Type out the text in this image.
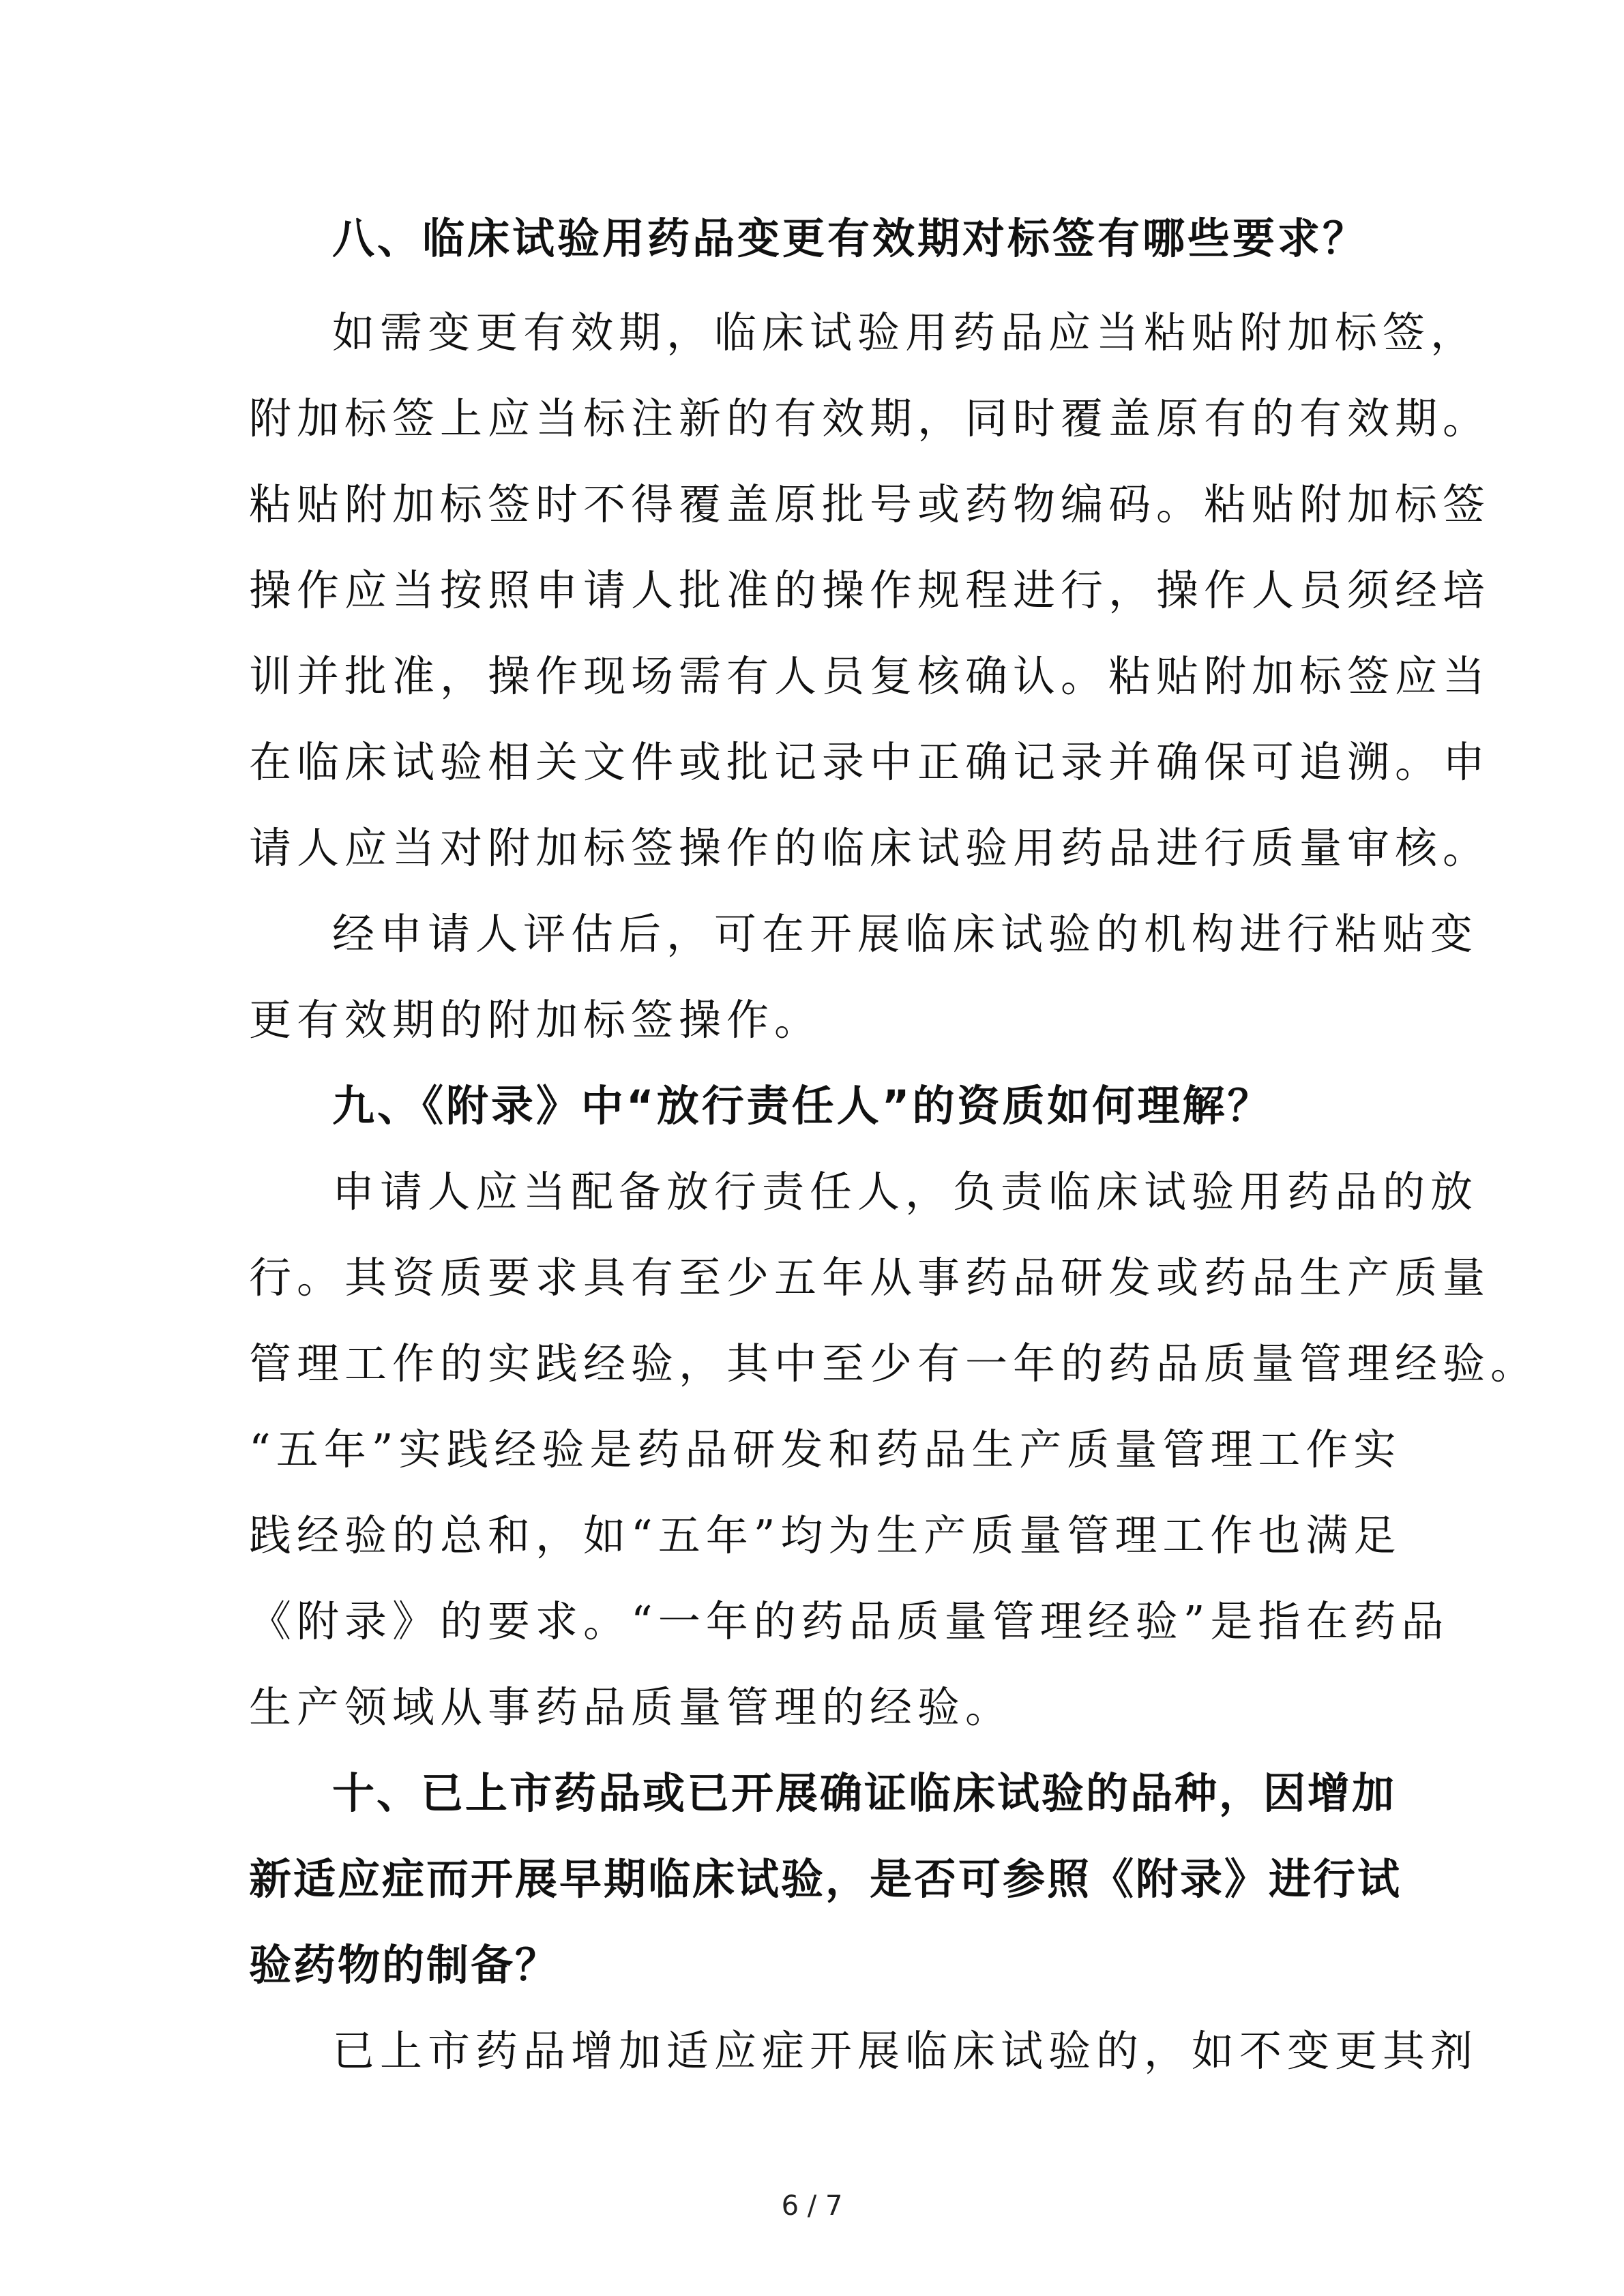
八、临床试验用药品变更有效期对标签有哪些要求？
如需变更有效期，临床试验用药品应当粘贴附加标签，
附加标签上应当标注新的有效期，同时覆盖原有的有效期。
粘贴附加标签时不得覆盖原批号或药物编码。粘贴附加标签
操作应当按照申请人批准的操作规程进行，操作人员须经培
训并批准，操作现场需有人员复核确认。粘贴附加标签应当
在临床试验相关文件或批记录中正确记录并确保可追溯。申
请人应当对附加标签操作的临床试验用药品进行质量审核。
经申请人评估后，可在开展临床试验的机构进行粘贴变
更有效期的附加标签操作。
九、《附录》中“放行责任人”的资质如何理解？
申请人应当配备放行责任人，负责临床试验用药品的放
行。其资质要求具有至少五年从事药品研发或药品生产质量
管理工作的实践经验，其中至少有一年的药品质量管理经验。
“五年”实践经验是药品研发和药品生产质量管理工作实
践经验的总和，如“五年”均为生产质量管理工作也满足
《附录》的要求。“一年的药品质量管理经验”是指在药品
生产领域从事药品质量管理的经验。
十、已上市药品或已开展确证临床试验的品种，因增加
新适应症而开展早期临床试验，是否可参照《附录》进行试
验药物的制备？
已上市药品增加适应症开展临床试验的，如不变更其剂
6 / 7
